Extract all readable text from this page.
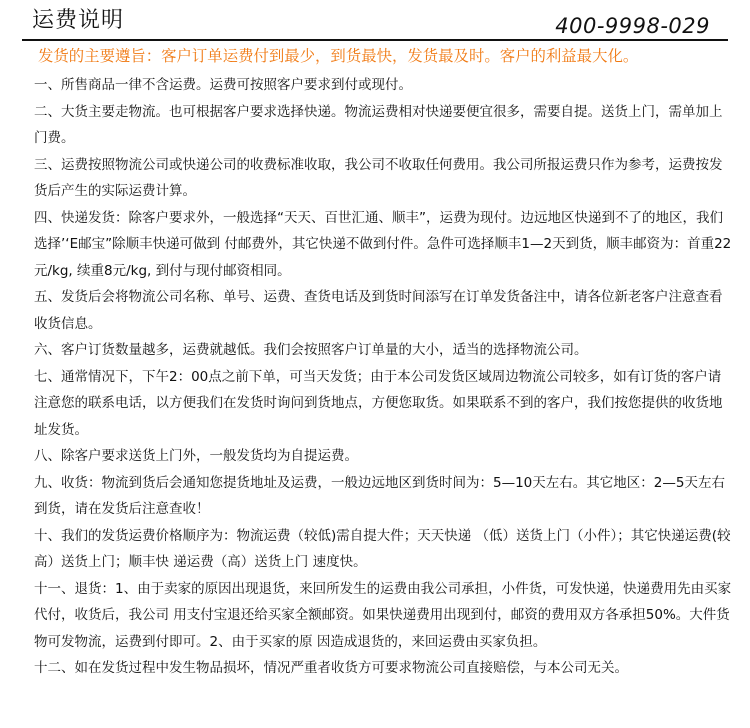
运费说明	400-9998-029
发货的主要遵旨：客户订单运费付到最少，到货最快，发货最及时。客户的利益最大化。

一、所售商品一律不含运费。运费可按照客户要求到付或现付。

二、大货主要走物流。也可根据客户要求选择快递。物流运费相对快递要便宜很多，需要自提。送货上门，需单加上门费。

三、运费按照物流公司或快递公司的收费标准收取，我公司不收取任何费用。我公司所报运费只作为参考，运费按发货后产生的实际运费计算。

四、快递发货：除客户要求外，一般选择“天天、百世汇通、顺丰”，运费为现付。边远地区快递到不了的地区，我们选择’‘E邮宝”除顺丰快递可做到 付邮费外，其它快递不做到付件。急件可选择顺丰1—2天到货，顺丰邮资为：首重22元/kg, 续重8元/kg, 到付与现付邮资相同。

五、发货后会将物流公司名称、单号、运费、查货电话及到货时间添写在订单发货备注中，请各位新老客户注意查看收货信息。

六、客户订货数量越多，运费就越低。我们会按照客户订单量的大小，适当的选择物流公司。

七、通常情况下，下午2：00点之前下单，可当天发货；由于本公司发货区域周边物流公司较多，如有订货的客户请注意您的联系电话，以方便我们在发货时询问到货地点，方便您取货。如果联系不到的客户，我们按您提供的收货地址发货。

八、除客户要求送货上门外，一般发货均为自提运费。

九、收货：物流到货后会通知您提货地址及运费，一般边远地区到货时间为：5—10天左右。其它地区：2—5天左右到货，请在发货后注意查收！

十、我们的发货运费价格顺序为：物流运费（较低)需自提大件；天天快递 （低）送货上门（小件）；其它快递运费(较高）送货上门；顺丰快 递运费（高）送货上门 速度快。

十一、退货：1、由于卖家的原因出现退货，来回所发生的运费由我公司承担，小件货，可发快递，快递费用先由买家代付，收货后，我公司 用支付宝退还给买家全额邮资。如果快递费用出现到付，邮资的费用双方各承担50%。大件货物可发物流，运费到付即可。2、由于买家的原 因造成退货的，来回运费由买家负担。

十二、如在发货过程中发生物品损坏，情况严重者收货方可要求物流公司直接赔偿，与本公司无关。
